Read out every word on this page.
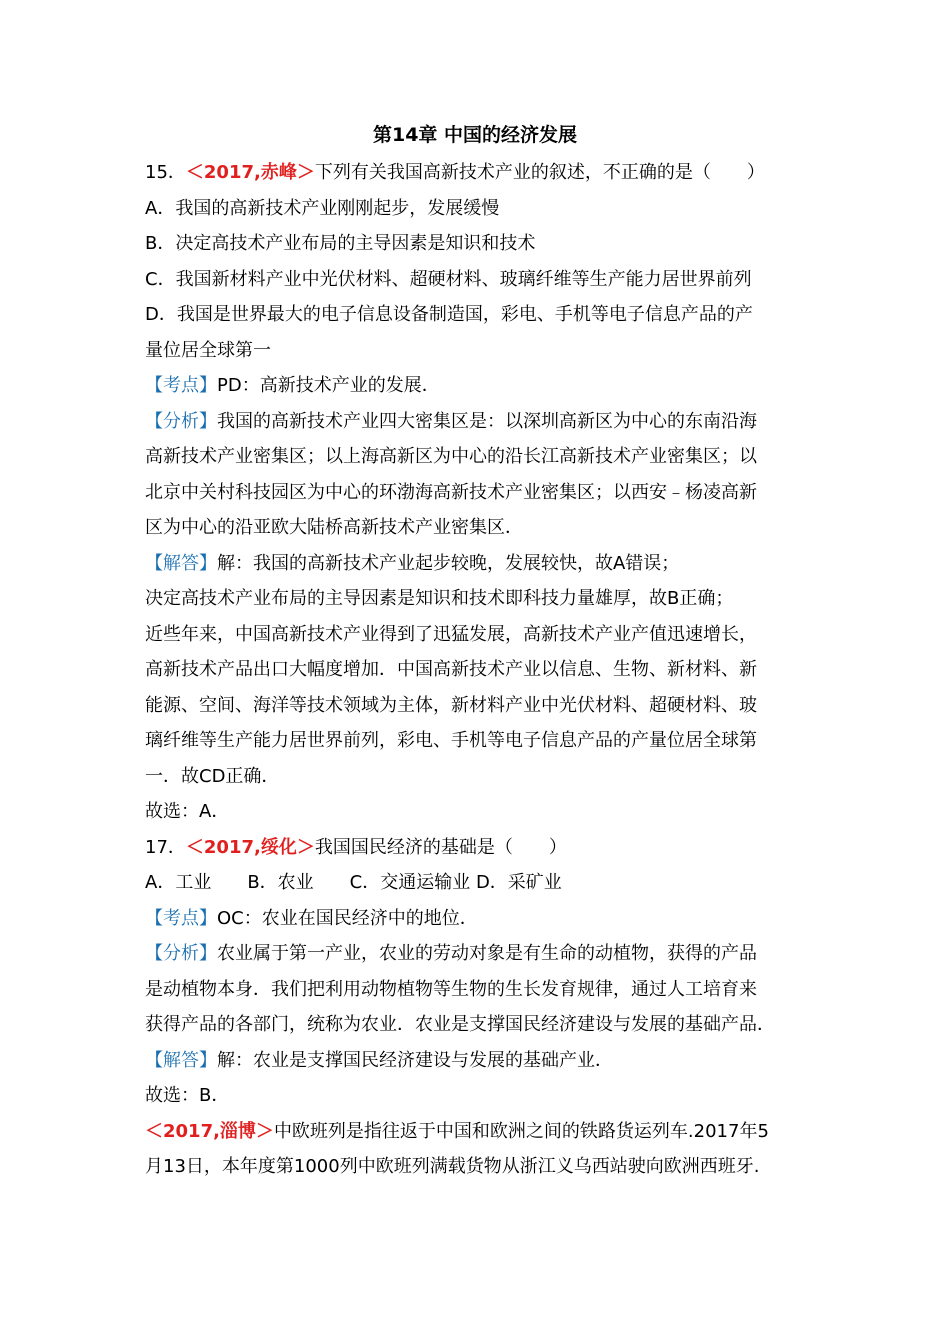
第14章 中国的经济发展
15．＜2017,赤峰＞下列有关我国高新技术产业的叙述，不正确的是（　　）
A．我国的高新技术产业刚刚起步，发展缓慢
B．决定高技术产业布局的主导因素是知识和技术
C．我国新材料产业中光伏材料、超硬材料、玻璃纤维等生产能力居世界前列
D．我国是世界最大的电子信息设备制造国，彩电、手机等电子信息产品的产
量位居全球第一
【考点】PD：高新技术产业的发展．
【分析】我国的高新技术产业四大密集区是：以深圳高新区为中心的东南沿海
高新技术产业密集区；以上海高新区为中心的沿长江高新技术产业密集区；以
北京中关村科技园区为中心的环渤海高新技术产业密集区；以西安﹣杨凌高新
区为中心的沿亚欧大陆桥高新技术产业密集区．
【解答】解：我国的高新技术产业起步较晚，发展较快，故A错误；
决定高技术产业布局的主导因素是知识和技术即科技力量雄厚，故B正确；
近些年来，中国高新技术产业得到了迅猛发展，高新技术产业产值迅速增长，
高新技术产品出口大幅度增加．中国高新技术产业以信息、生物、新材料、新
能源、空间、海洋等技术领域为主体，新材料产业中光伏材料、超硬材料、玻
璃纤维等生产能力居世界前列，彩电、手机等电子信息产品的产量位居全球第
一．故CD正确．
故选：A．
17．＜2017,绥化＞我国国民经济的基础是（　　）
A．工业　　B．农业　　C．交通运输业 D．采矿业
【考点】OC：农业在国民经济中的地位．
【分析】农业属于第一产业，农业的劳动对象是有生命的动植物，获得的产品
是动植物本身．我们把利用动物植物等生物的生长发育规律，通过人工培育来
获得产品的各部门，统称为农业．农业是支撑国民经济建设与发展的基础产品．
【解答】解：农业是支撑国民经济建设与发展的基础产业．
故选：B．
＜2017,淄博＞中欧班列是指往返于中国和欧洲之间的铁路货运列车.2017年5
月13日，本年度第1000列中欧班列满载货物从浙江义乌西站驶向欧洲西班牙.
